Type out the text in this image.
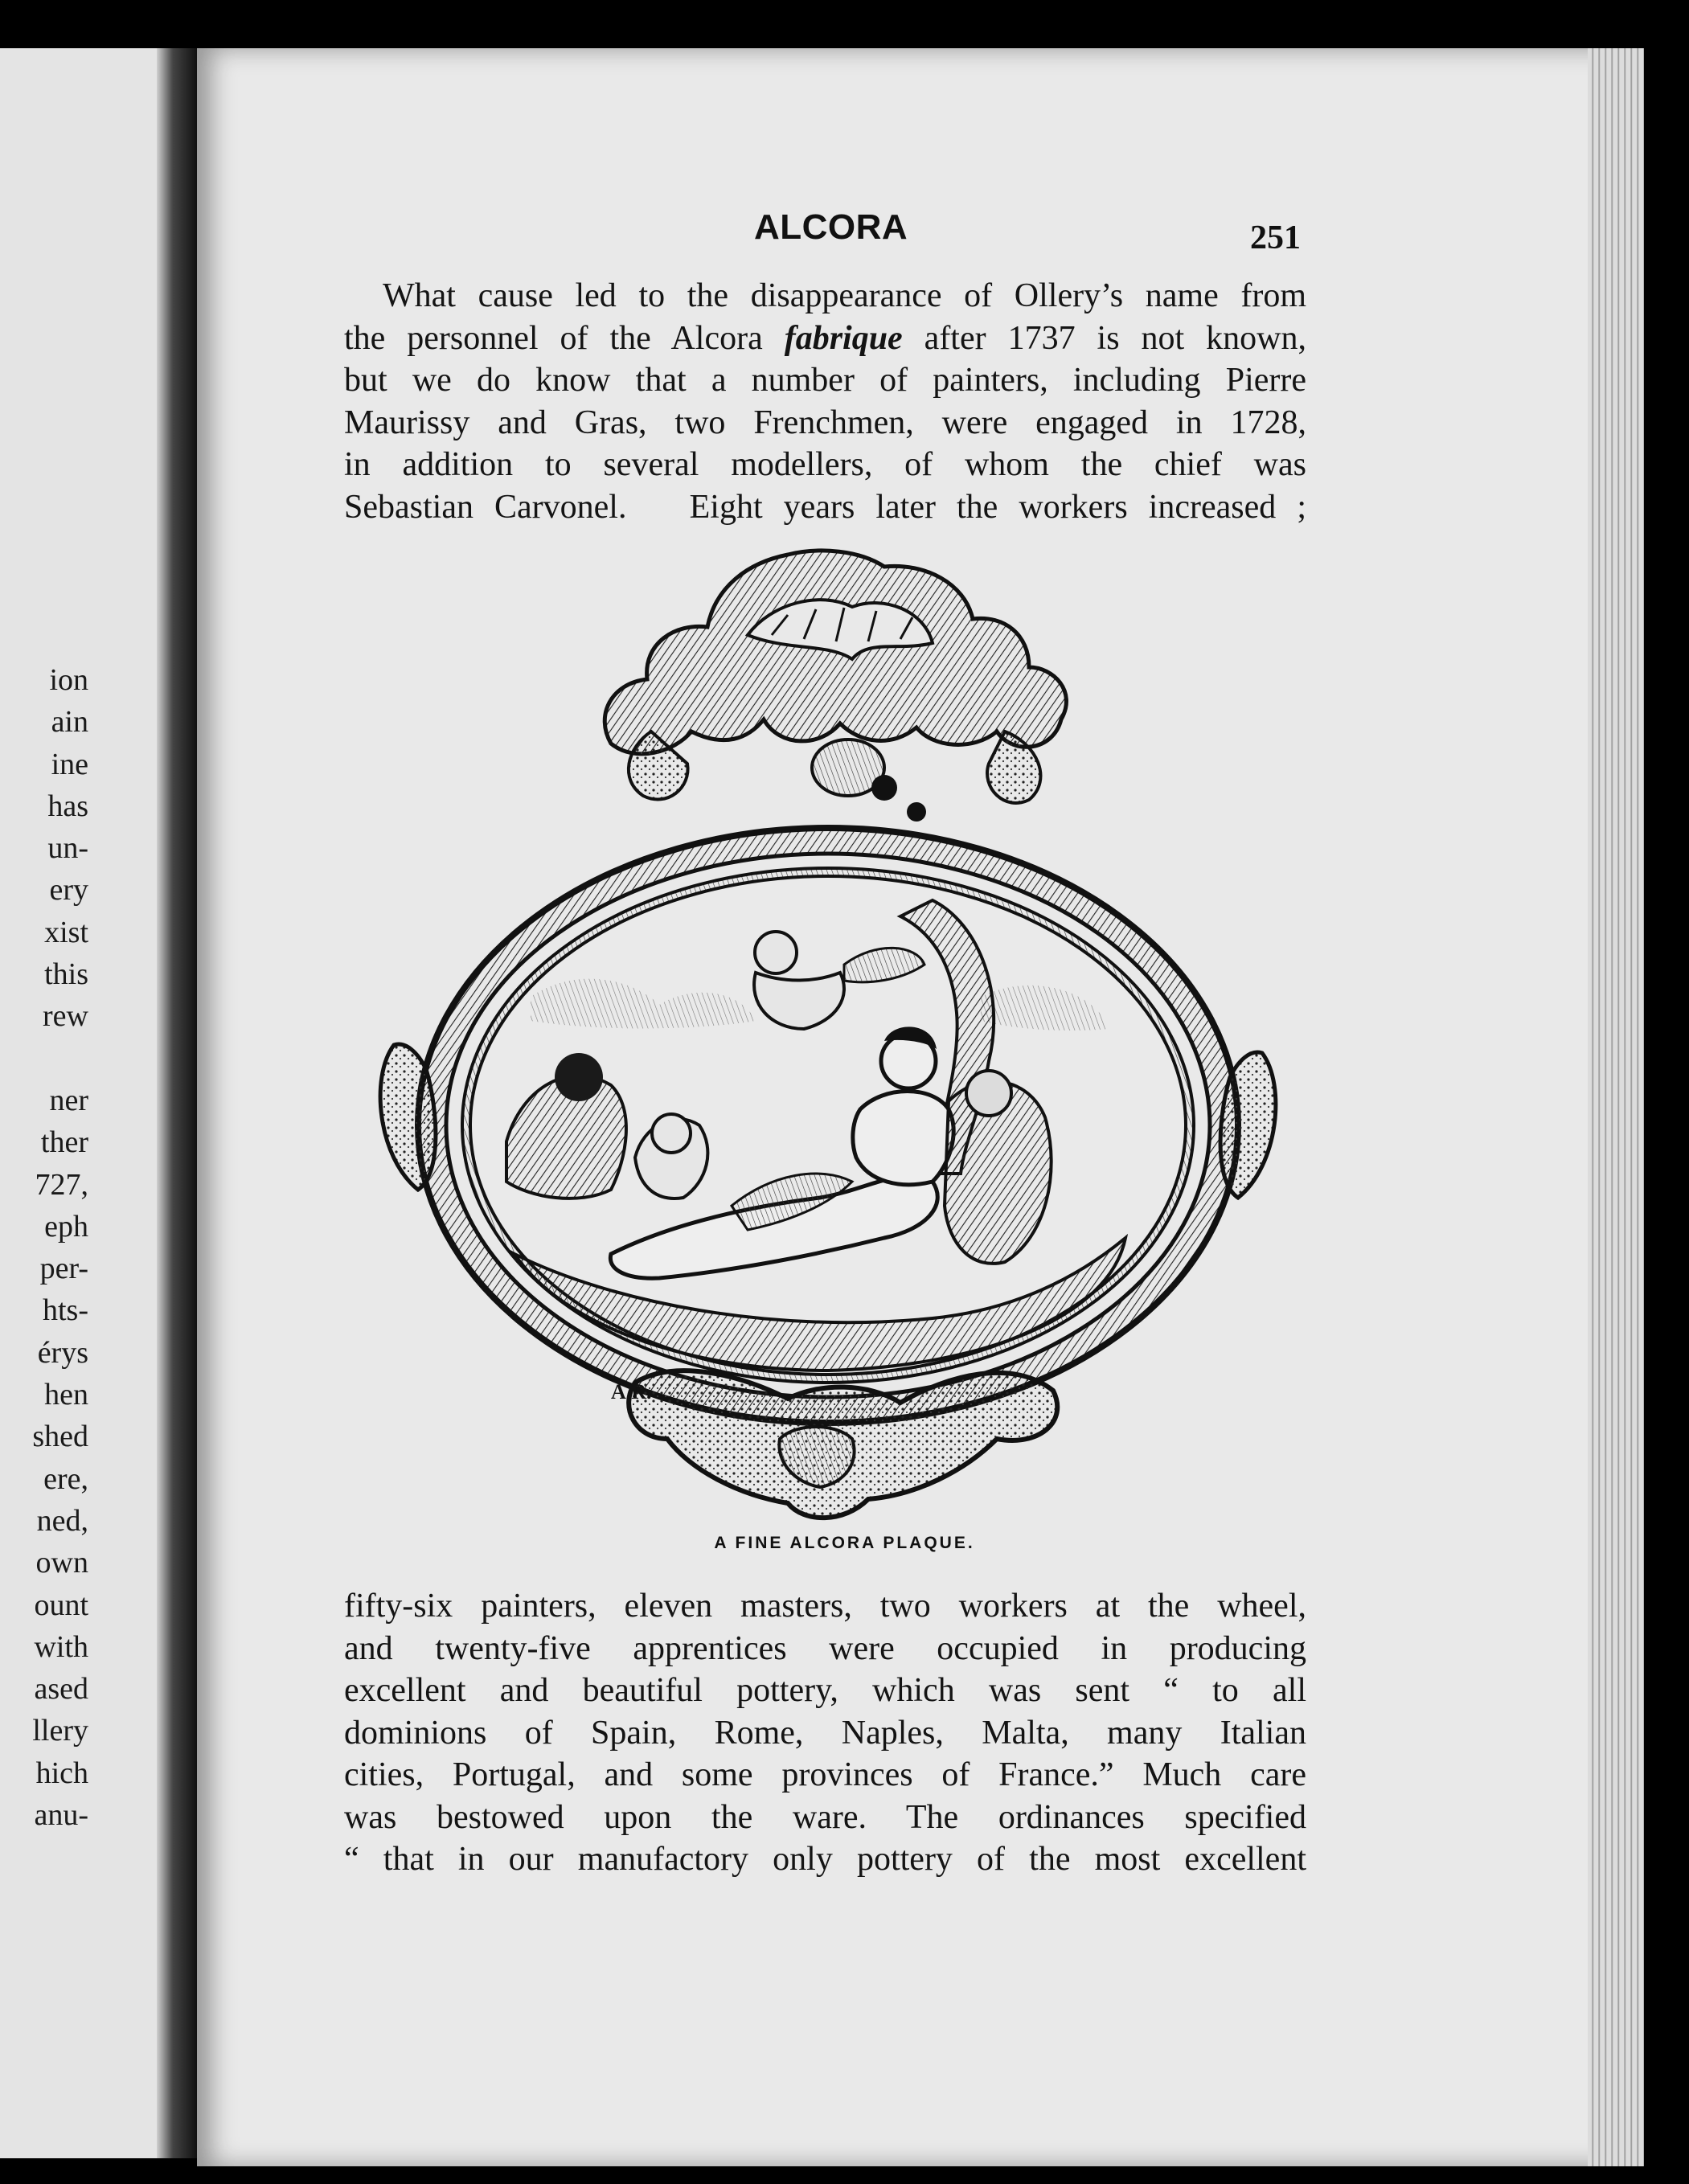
ion
ain
ine
has
un-
ery
xist
this
rew
ner
ther
727,
eph
per-
hts-
érys
hen
shed
ere,
ned,
own
ount
with
ased
llery
hich
anu-
ALCORA	251
What cause led to the disappearance of Ollery’s name from
the personnel of the Alcora fabrique after 1737 is not known,
but we do know that a number of painters, including Pierre
Maurissy and Gras, two Frenchmen, were engaged in 1728,
in addition to several modellers, of whom the chief was
Sebastian Carvonel.   Eight years later the workers increased ;
A.R.
A FINE ALCORA PLAQUE.
fifty-six painters, eleven masters, two workers at the wheel,
and twenty-five apprentices were occupied in producing
excellent and beautiful pottery, which was sent “ to all
dominions of Spain, Rome, Naples, Malta, many Italian
cities, Portugal, and some provinces of France.” Much care
was bestowed upon the ware. The ordinances specified
“ that in our manufactory only pottery of the most excellent
